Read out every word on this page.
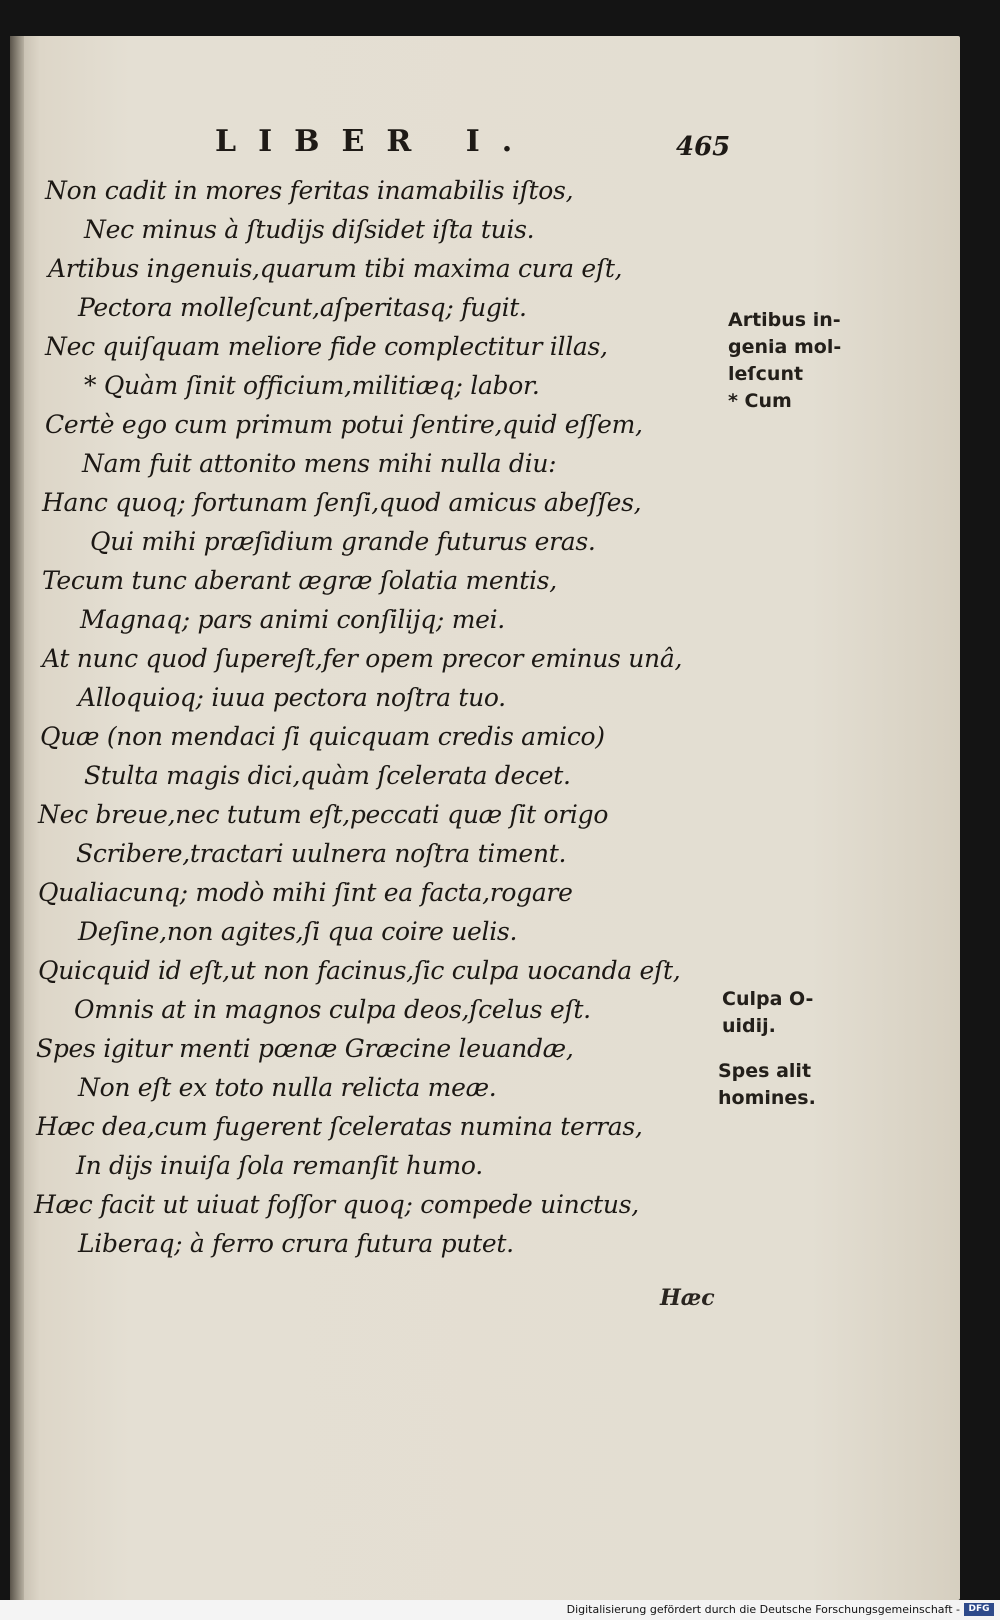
LIBER I.	465
Non cadit in mores feritas inamabilis iſtos,
Nec minus à ſtudijs diſsidet iſta tuis.
Artibus ingenuis,quarum tibi maxima cura eſt,
Pectora molleſcunt,aſperitasq; fugit.
Nec quiſquam meliore fide complectitur illas,
* Quàm ſinit officium,militiæq; labor.
Certè ego cum primum potui ſentire,quid eſſem,
Nam fuit attonito mens mihi nulla diu:
Hanc quoq; fortunam ſenſi,quod amicus abeſſes,
Qui mihi præſidium grande futurus eras.
Tecum tunc aberant ægræ ſolatia mentis,
Magnaq; pars animi conſilijq; mei.
At nunc quod ſupereſt,fer opem precor eminus unâ,
Alloquioq; iuua pectora noſtra tuo.
Quæ (non mendaci ſi quicquam credis amico)
Stulta magis dici,quàm ſcelerata decet.
Nec breue,nec tutum eſt,peccati quæ ſit origo
Scribere,tractari uulnera noſtra timent.
Qualiacunq; modò mihi ſint ea facta,rogare
Deſine,non agites,ſi qua coire uelis.
Quicquid id eſt,ut non facinus,ſic culpa uocanda eſt,
Omnis at in magnos culpa deos,ſcelus eſt.
Spes igitur menti pœnæ Græcine leuandæ,
Non eſt ex toto nulla relicta meæ.
Hæc dea,cum fugerent ſceleratas numina terras,
In dijs inuiſa ſola remanſit humo.
Hæc facit ut uiuat foſſor quoq; compede uinctus,
Liberaq; à ferro crura futura putet.
Artibus in-
genia mol-
leſcunt
* Cum
Culpa O-
uidij.
Spes alit
homines.
Hæc
Digitalisierung gefördert durch die Deutsche Forschungsgemeinschaft - DFG
